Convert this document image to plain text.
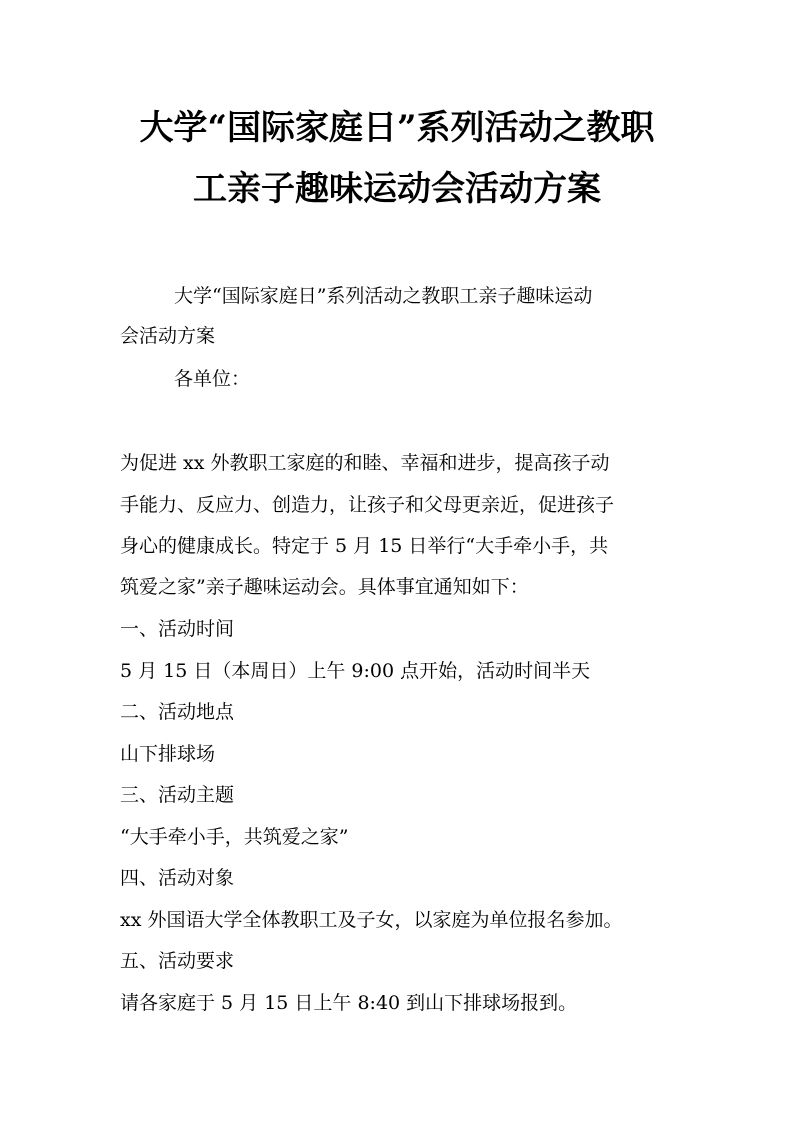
大学“国际家庭日”系列活动之教职
工亲子趣味运动会活动方案
大学“国际家庭日”系列活动之教职工亲子趣味运动
会活动方案
各单位：
为促进 xx 外教职工家庭的和睦、幸福和进步，提高孩子动
手能力、反应力、创造力，让孩子和父母更亲近，促进孩子
身心的健康成长。特定于 5 月 15 日举行“大手牵小手，共
筑爱之家”亲子趣味运动会。具体事宜通知如下：
一、活动时间
5 月 15 日（本周日）上午 9:00 点开始，活动时间半天
二、活动地点
山下排球场
三、活动主题
“大手牵小手，共筑爱之家”
四、活动对象
xx 外国语大学全体教职工及子女，以家庭为单位报名参加。
五、活动要求
请各家庭于 5 月 15 日上午 8:40 到山下排球场报到。
